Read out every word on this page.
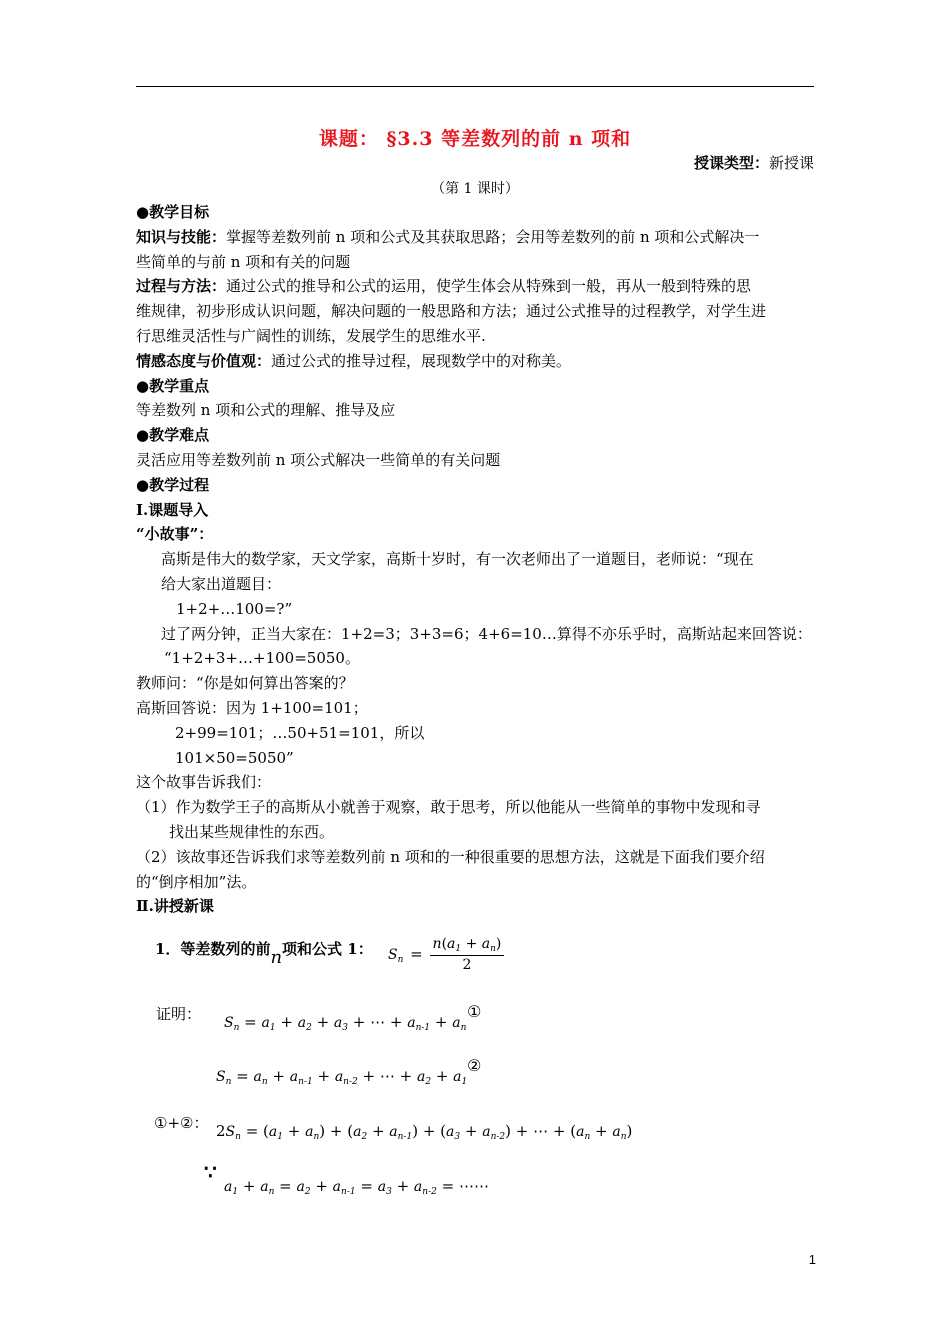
课题： §3.3 等差数列的前 n 项和
授课类型：新授课
（第 1 课时）
●教学目标
知识与技能：掌握等差数列前 n 项和公式及其获取思路；会用等差数列的前 n 项和公式解决一
些简单的与前 n 项和有关的问题
过程与方法：通过公式的推导和公式的运用，使学生体会从特殊到一般，再从一般到特殊的思
维规律，初步形成认识问题，解决问题的一般思路和方法；通过公式推导的过程教学，对学生进
行思维灵活性与广阔性的训练，发展学生的思维水平.
情感态度与价值观：通过公式的推导过程，展现数学中的对称美。
●教学重点
等差数列 n 项和公式的理解、推导及应
●教学难点
灵活应用等差数列前 n 项公式解决一些简单的有关问题
●教学过程
Ⅰ.课题导入
“小故事”：
高斯是伟大的数学家，天文学家，高斯十岁时，有一次老师出了一道题目，老师说：“现在
给大家出道题目：
1+2+…100=?”
过了两分钟，正当大家在：1+2=3；3+3=6；4+6=10…算得不亦乐乎时，高斯站起来回答说：
“1+2+3+…+100=5050。
教师问：“你是如何算出答案的？
高斯回答说：因为 1+100=101；
2+99=101；…50+51=101，所以
101×50=5050”
这个故事告诉我们：
（1）作为数学王子的高斯从小就善于观察，敢于思考，所以他能从一些简单的事物中发现和寻
找出某些规律性的东西。
（2）该故事还告诉我们求等差数列前 n 项和的一种很重要的思想方法，这就是下面我们要介绍
的“倒序相加”法。
Ⅱ.讲授新课
1．等差数列的前n项和公式 1： $S_n = \frac{n(a_1 + a_n)}{2}$
证明： $S_n = a_1 + a_2 + a_3$ + ⋯ + $a_{n-1} + a_n$
①
$S_n = a_n + a_{n-1} + a_{n-2}$ + ⋯ + $a_2 + a_1$
②
①+②： $2S_n = (a_1 + a_n) + (a_2 + a_{n-1}) + (a_3 + a_{n-2})$ + ⋯ + $(a_n + a_n)$
∵
$a_1 + a_n = a_2 + a_{n-1} = a_3 + a_{n-2}$ = ⋯⋯
1
